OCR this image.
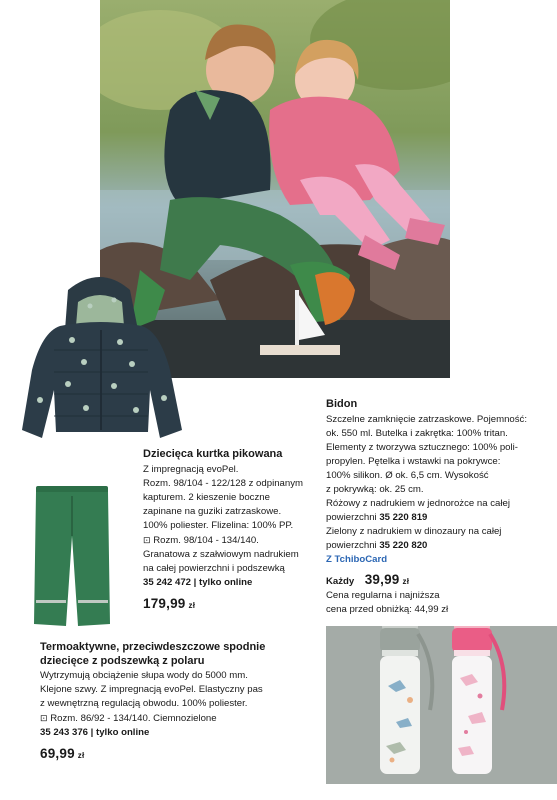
Dziecięca kurtka pikowana
Z impregnacją evoPel.
Rozm. 98/104 - 122/128 z odpinanym
kapturem. 2 kieszenie boczne
zapinane na guziki zatrzaskowe.
100% poliester. Flizelina: 100% PP.
⊡ Rozm. 98/104 - 134/140.
Granatowa z szałwiowym nadrukiem
na całej powierzchni i podszewką
35 242 472 | tylko online
179,99 zł
Termoaktywne, przeciwdeszczowe spodnie
dziecięce z podszewką z polaru
Wytrzymują obciążenie słupa wody do 5000 mm.
Klejone szwy. Z impregnacją evoPel. Elastyczny pas
z wewnętrzną regulacją obwodu. 100% poliester.
⊡ Rozm. 86/92 - 134/140. Ciemnozielone
35 243 376 | tylko online
69,99 zł
Bidon
Szczelne zamknięcie zatrzaskowe. Pojemność:
ok. 550 ml. Butelka i zakrętka: 100% tritan.
Elementy z tworzywa sztucznego: 100% poli-
propylen. Pętelka i wstawki na pokrywce:
100% silikon. Ø ok. 6,5 cm. Wysokość
z pokrywką: ok. 25 cm.
Różowy z nadrukiem w jednorożce na całej
powierzchni 35 220 819
Zielony z nadrukiem w dinozaury na całej
powierzchni 35 220 820
Z TchiboCard
Każdy 39,99 zł
Cena regularna i najniższa
cena przed obniżką: 44,99 zł
